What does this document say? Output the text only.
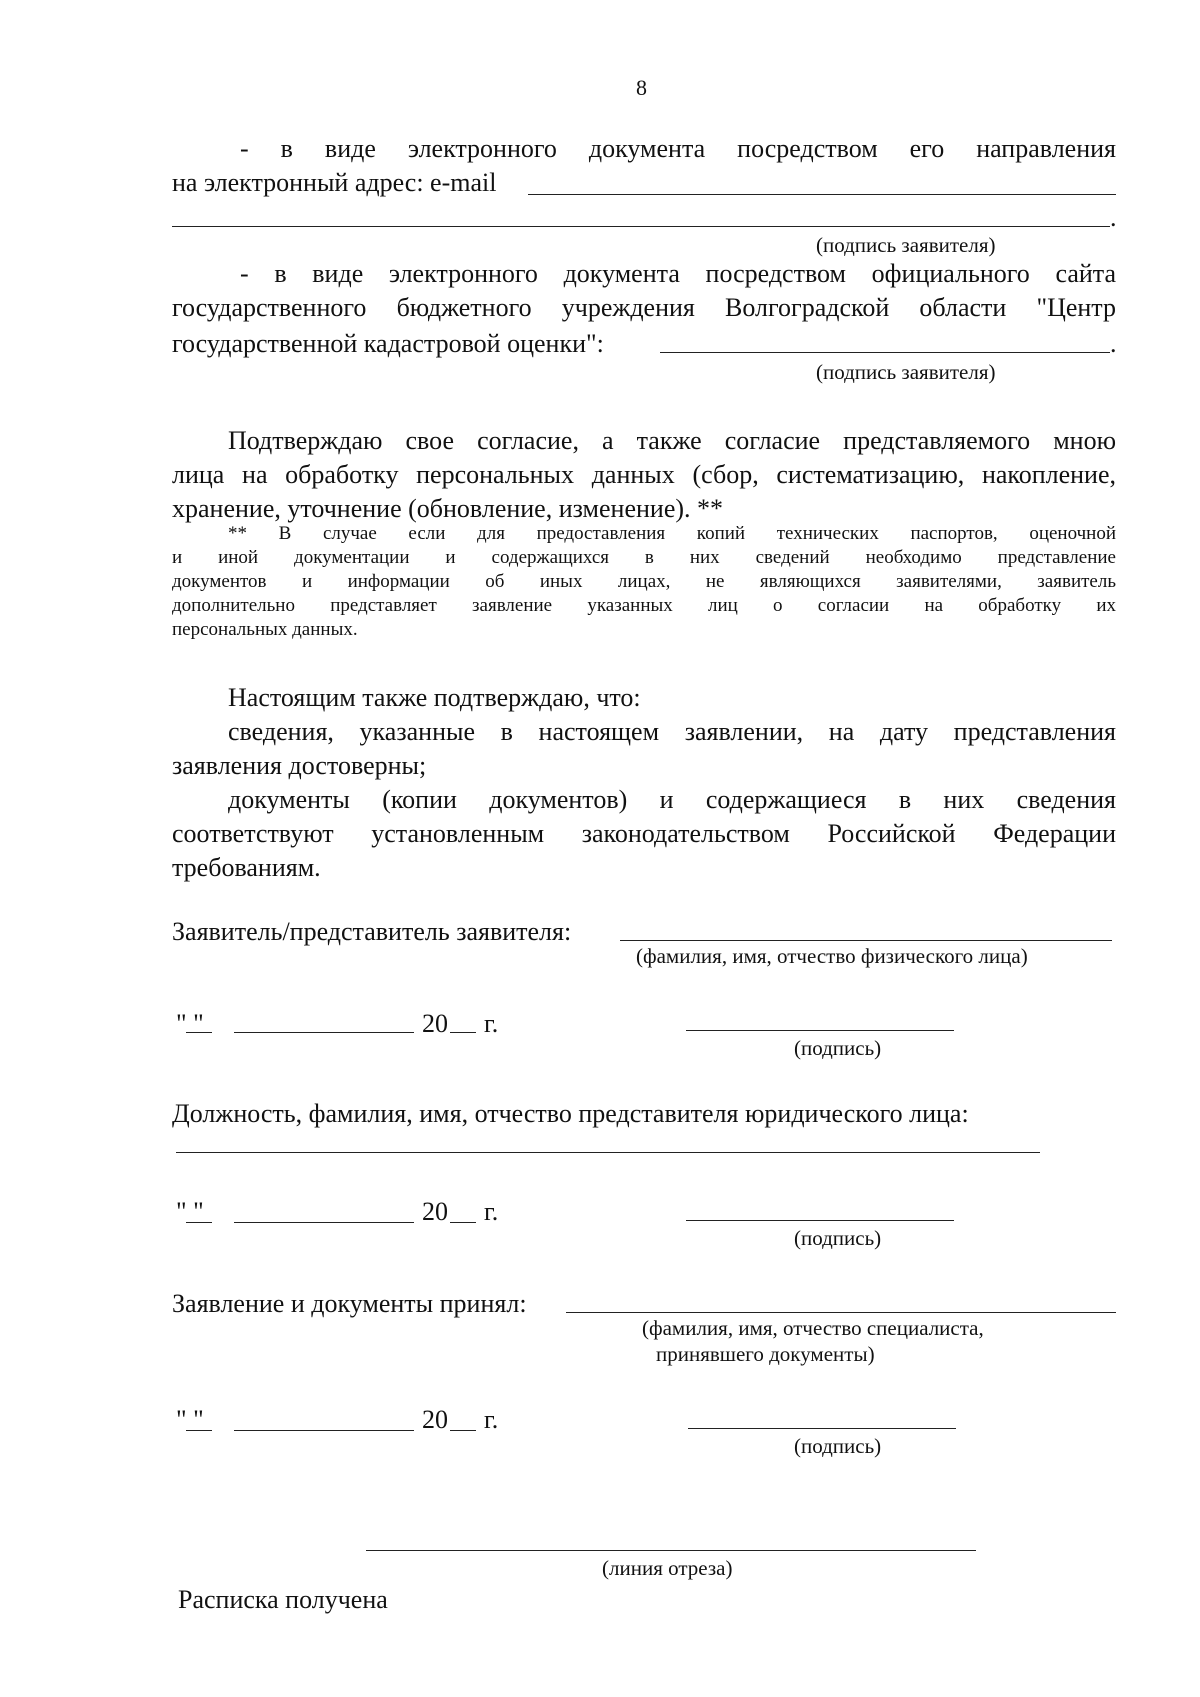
8
- в виде электронного документа посредством его направления
на электронный адрес: e-mail
.
(подпись заявителя)
- в виде электронного документа посредством официального сайта
государственного бюджетного учреждения Волгоградской области "Центр
государственной кадастровой оценки":	.
(подпись заявителя)
Подтверждаю свое согласие, а также согласие представляемого мною
лица на обработку персональных данных (сбор, систематизацию, накопление,
хранение, уточнение (обновление, изменение). **
** В случае если для предоставления копий технических паспортов, оценочной
и иной документации и содержащихся в них сведений необходимо представление
документов и информации об иных лицах, не являющихся заявителями, заявитель
дополнительно представляет заявление указанных лиц о согласии на обработку их
персональных данных.
Настоящим также подтверждаю, что:
сведения, указанные в настоящем заявлении, на дату представления
заявления достоверны;
документы (копии документов) и содержащиеся в них сведения
соответствуют установленным законодательством Российской Федерации
требованиям.
Заявитель/представитель заявителя:
(фамилия, имя, отчество физического лица)
" "	20 г.
(подпись)
Должность, фамилия, имя, отчество представителя юридического лица:
" "	20 г.
(подпись)
Заявление и документы принял:
(фамилия, имя, отчество специалиста,
принявшего документы)
" "	20 г.
(подпись)
(линия отреза)
Расписка получена
